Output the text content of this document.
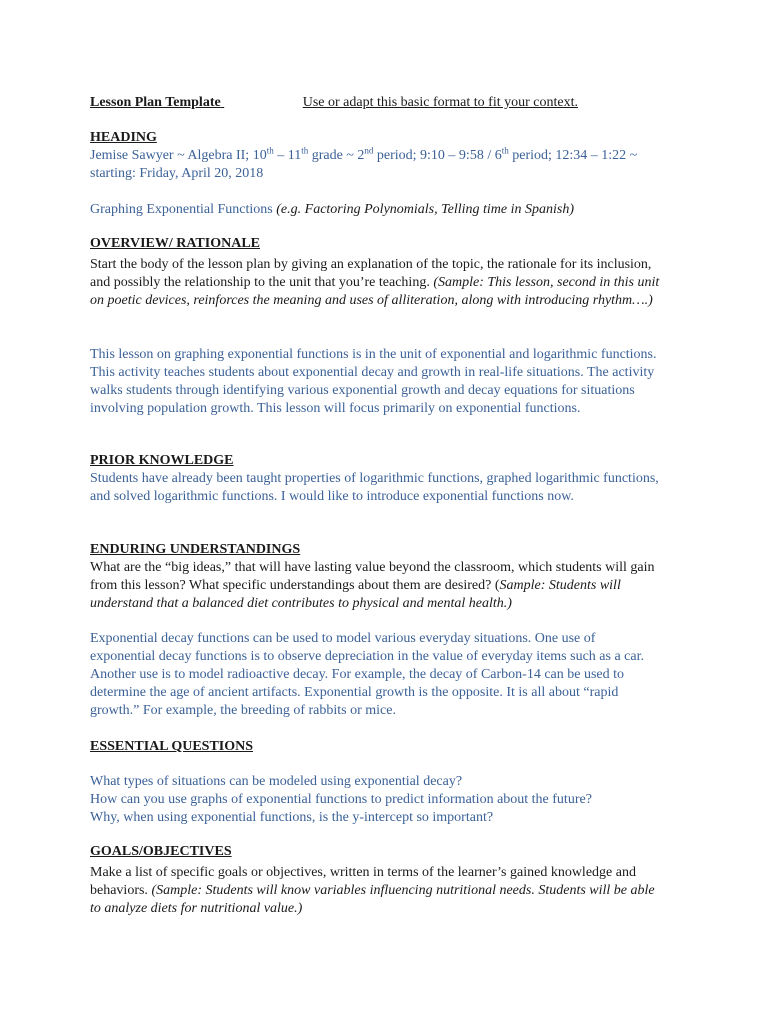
Lesson Plan Template	Use or adapt this basic format to fit your context.

HEADING

Jemise Sawyer ~ Algebra II; 10th – 11th grade ~ 2nd period; 9:10 – 9:58 / 6th period; 12:34 – 1:22 ~ starting: Friday, April 20, 2018

Graphing Exponential Functions (e.g. Factoring Polynomials, Telling time in Spanish)

OVERVIEW/ RATIONALE

Start the body of the lesson plan by giving an explanation of the topic, the rationale for its inclusion, and possibly the relationship to the unit that you’re teaching. (Sample: This lesson, second in this unit on poetic devices, reinforces the meaning and uses of alliteration, along with introducing rhythm….)

This lesson on graphing exponential functions is in the unit of exponential and logarithmic functions. This activity teaches students about exponential decay and growth in real-life situations. The activity walks students through identifying various exponential growth and decay equations for situations involving population growth. This lesson will focus primarily on exponential functions.

PRIOR KNOWLEDGE

Students have already been taught properties of logarithmic functions, graphed logarithmic functions, and solved logarithmic functions. I would like to introduce exponential functions now.

ENDURING UNDERSTANDINGS

What are the “big ideas,” that will have lasting value beyond the classroom, which students will gain from this lesson? What specific understandings about them are desired? (Sample: Students will understand that a balanced diet contributes to physical and mental health.)

Exponential decay functions can be used to model various everyday situations. One use of exponential decay functions is to observe depreciation in the value of everyday items such as a car. Another use is to model radioactive decay. For example, the decay of Carbon-14 can be used to determine the age of ancient artifacts. Exponential growth is the opposite. It is all about “rapid growth.” For example, the breeding of rabbits or mice.

ESSENTIAL QUESTIONS

What types of situations can be modeled using exponential decay?
How can you use graphs of exponential functions to predict information about the future?
Why, when using exponential functions, is the y-intercept so important?

GOALS/OBJECTIVES

Make a list of specific goals or objectives, written in terms of the learner’s gained knowledge and behaviors. (Sample: Students will know variables influencing nutritional needs. Students will be able to analyze diets for nutritional value.)
